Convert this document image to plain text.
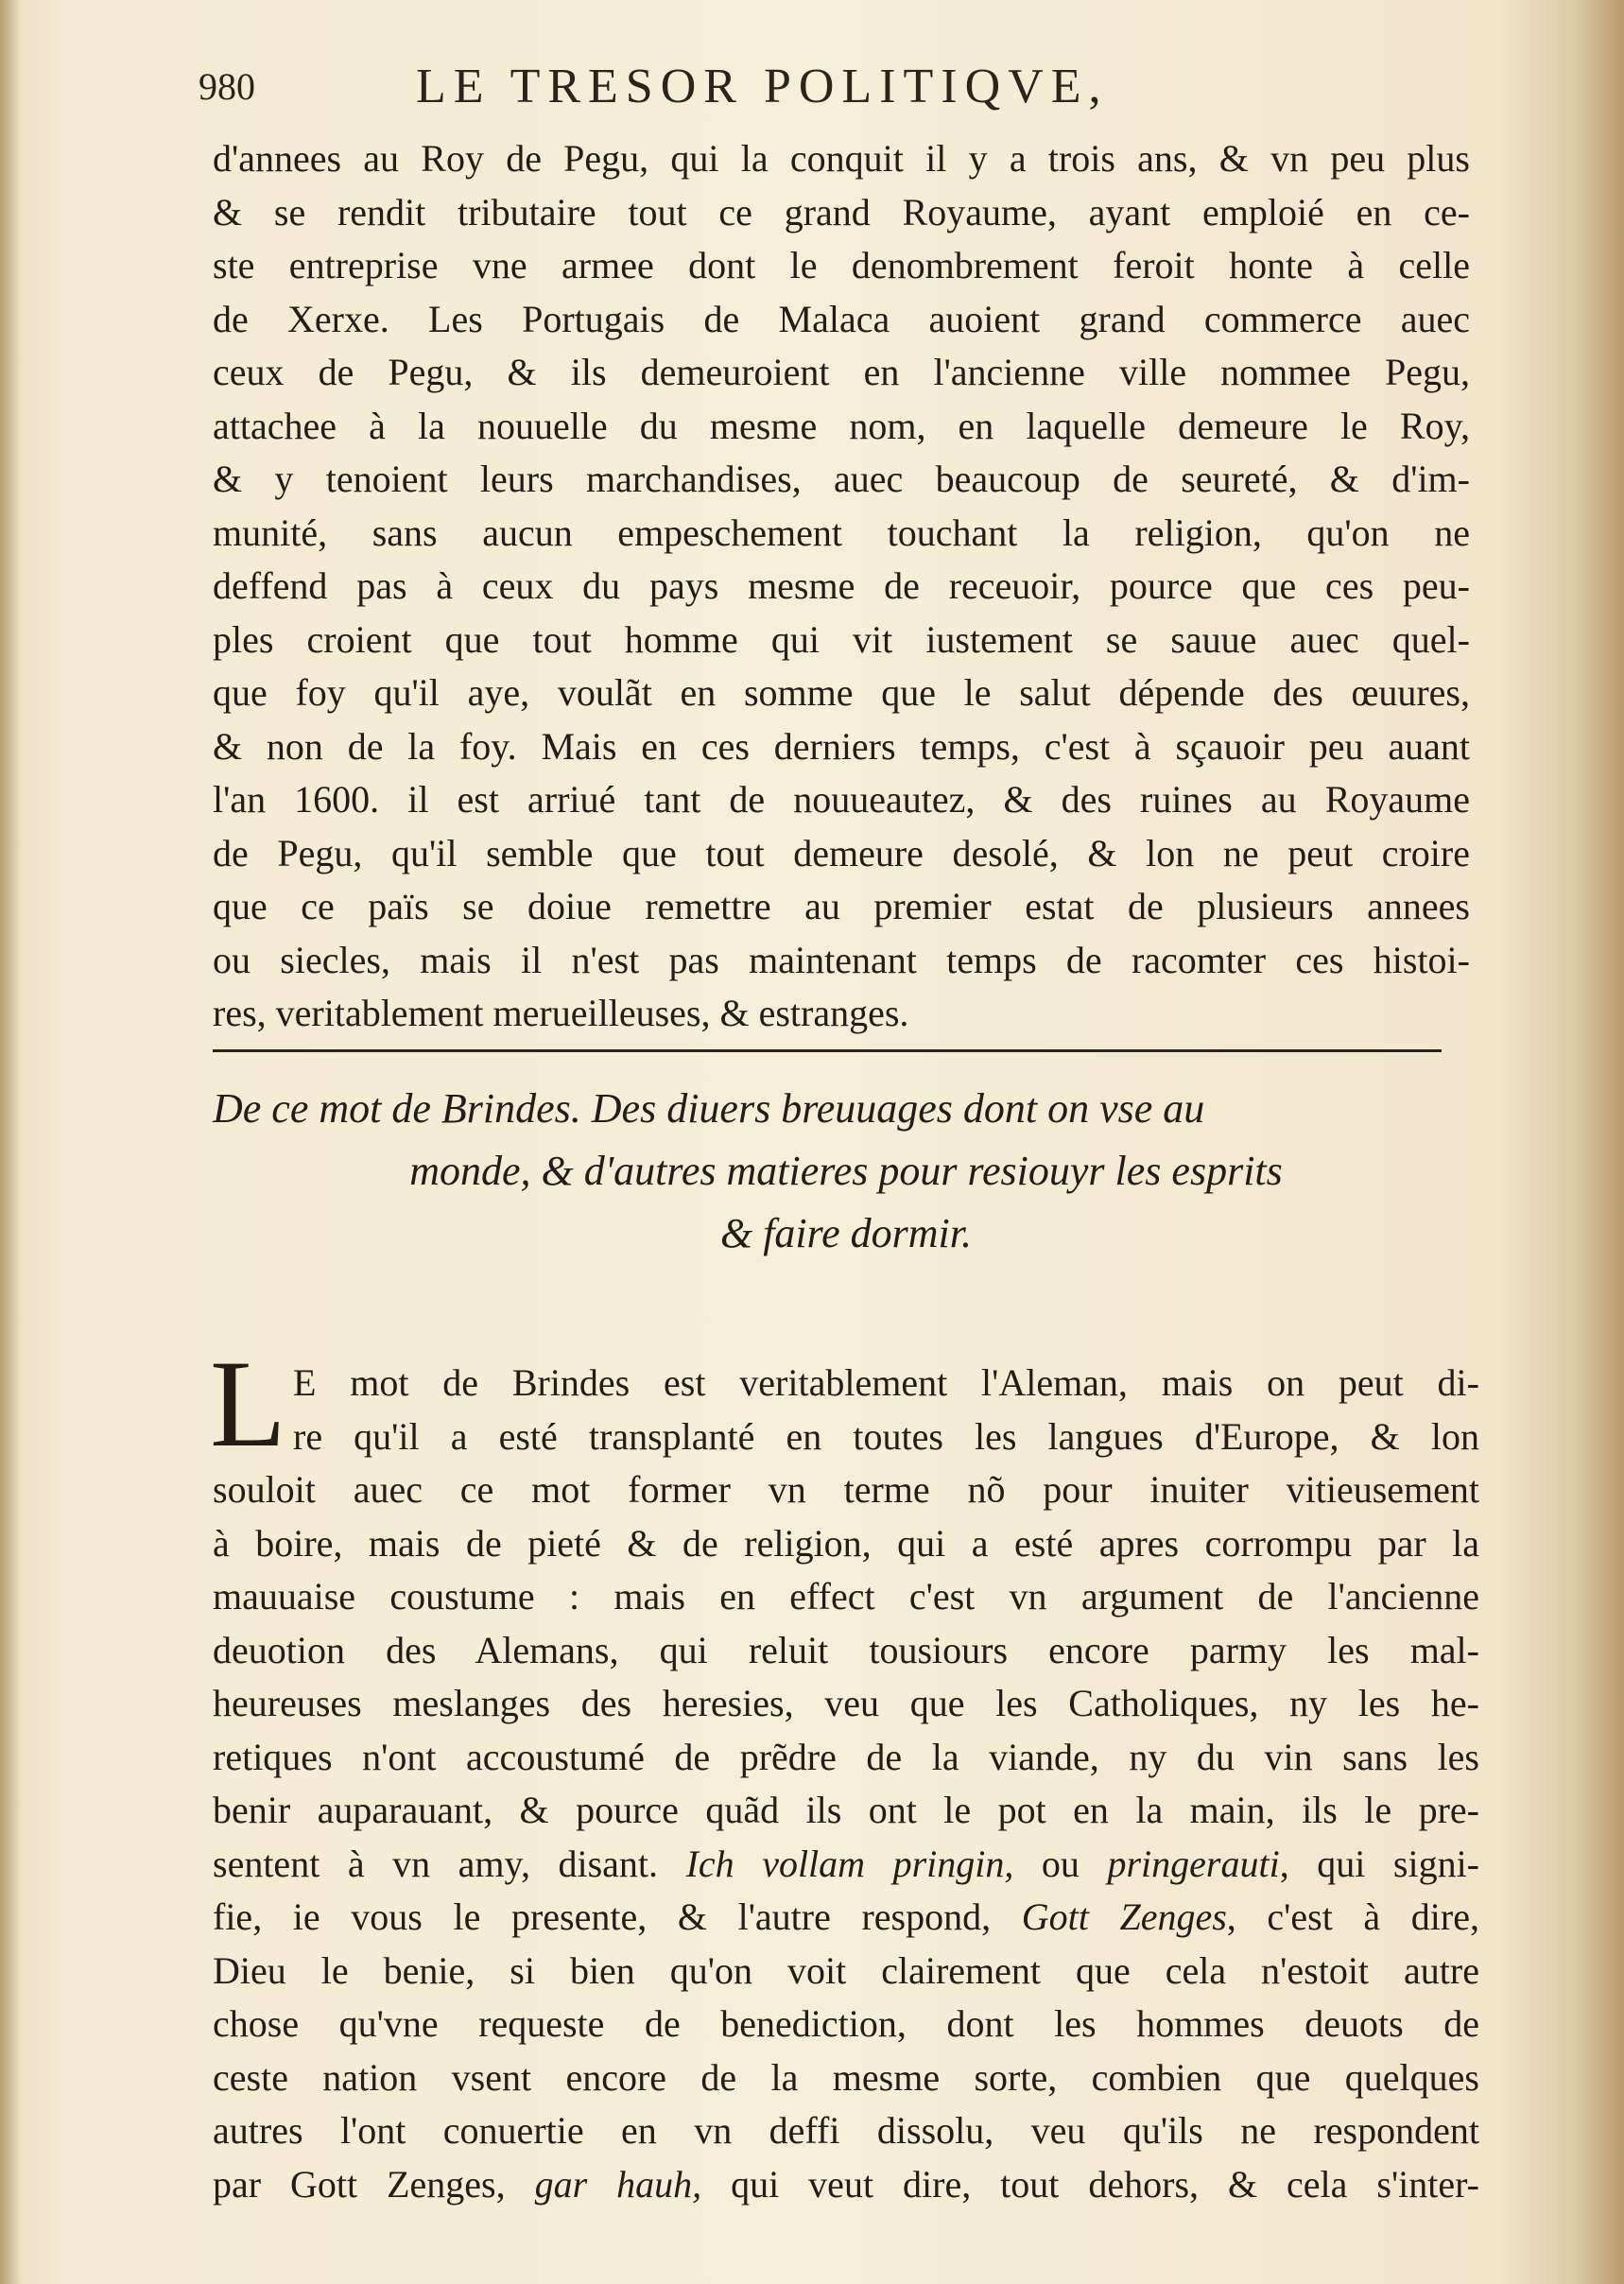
980	LE TRESOR POLITIQVE,
d'annees au Roy de Pegu, qui la conquit il y a trois ans, & vn peu plus
& se rendit tributaire tout ce grand Royaume, ayant emploié en ce-
ste entreprise vne armee dont le denombrement feroit honte à celle
de Xerxe. Les Portugais de Malaca auoient grand commerce auec
ceux de Pegu, & ils demeuroient en l'ancienne ville nommee Pegu,
attachee à la nouuelle du mesme nom, en laquelle demeure le Roy,
& y tenoient leurs marchandises, auec beaucoup de seureté, & d'im-
munité, sans aucun empeschement touchant la religion, qu'on ne
deffend pas à ceux du pays mesme de receuoir, pource que ces peu-
ples croient que tout homme qui vit iustement se sauue auec quel-
que foy qu'il aye, voulãt en somme que le salut dépende des œuures,
& non de la foy. Mais en ces derniers temps, c'est à sçauoir peu auant
l'an 1600. il est arriué tant de nouueautez, & des ruines au Royaume
de Pegu, qu'il semble que tout demeure desolé, & lon ne peut croire
que ce païs se doiue remettre au premier estat de plusieurs annees
ou siecles, mais il n'est pas maintenant temps de racomter ces histoi-
res, veritablement merueilleuses, & estranges.
De ce mot de Brindes. Des diuers breuuages dont on vse au
monde, & d'autres matieres pour resiouyr les esprits
& faire dormir.
L E mot de Brindes est veritablement l'Aleman, mais on peut di-
re qu'il a esté transplanté en toutes les langues d'Europe, & lon
souloit auec ce mot former vn terme nõ pour inuiter vitieusement
à boire, mais de pieté & de religion, qui a esté apres corrompu par la
mauuaise coustume : mais en effect c'est vn argument de l'ancienne
deuotion des Alemans, qui reluit tousiours encore parmy les mal-
heureuses meslanges des heresies, veu que les Catholiques, ny les he-
retiques n'ont accoustumé de prẽdre de la viande, ny du vin sans les
benir auparauant, & pource quãd ils ont le pot en la main, ils le pre-
sentent à vn amy, disant. Ich vollam pringin, ou pringerauti, qui signi-
fie, ie vous le presente, & l'autre respond, Gott Zenges, c'est à dire,
Dieu le benie, si bien qu'on voit clairement que cela n'estoit autre
chose qu'vne requeste de benediction, dont les hommes deuots de
ceste nation vsent encore de la mesme sorte, combien que quelques
autres l'ont conuertie en vn deffi dissolu, veu qu'ils ne respondent
par Gott Zenges, gar hauh, qui veut dire, tout dehors, & cela s'inter-
